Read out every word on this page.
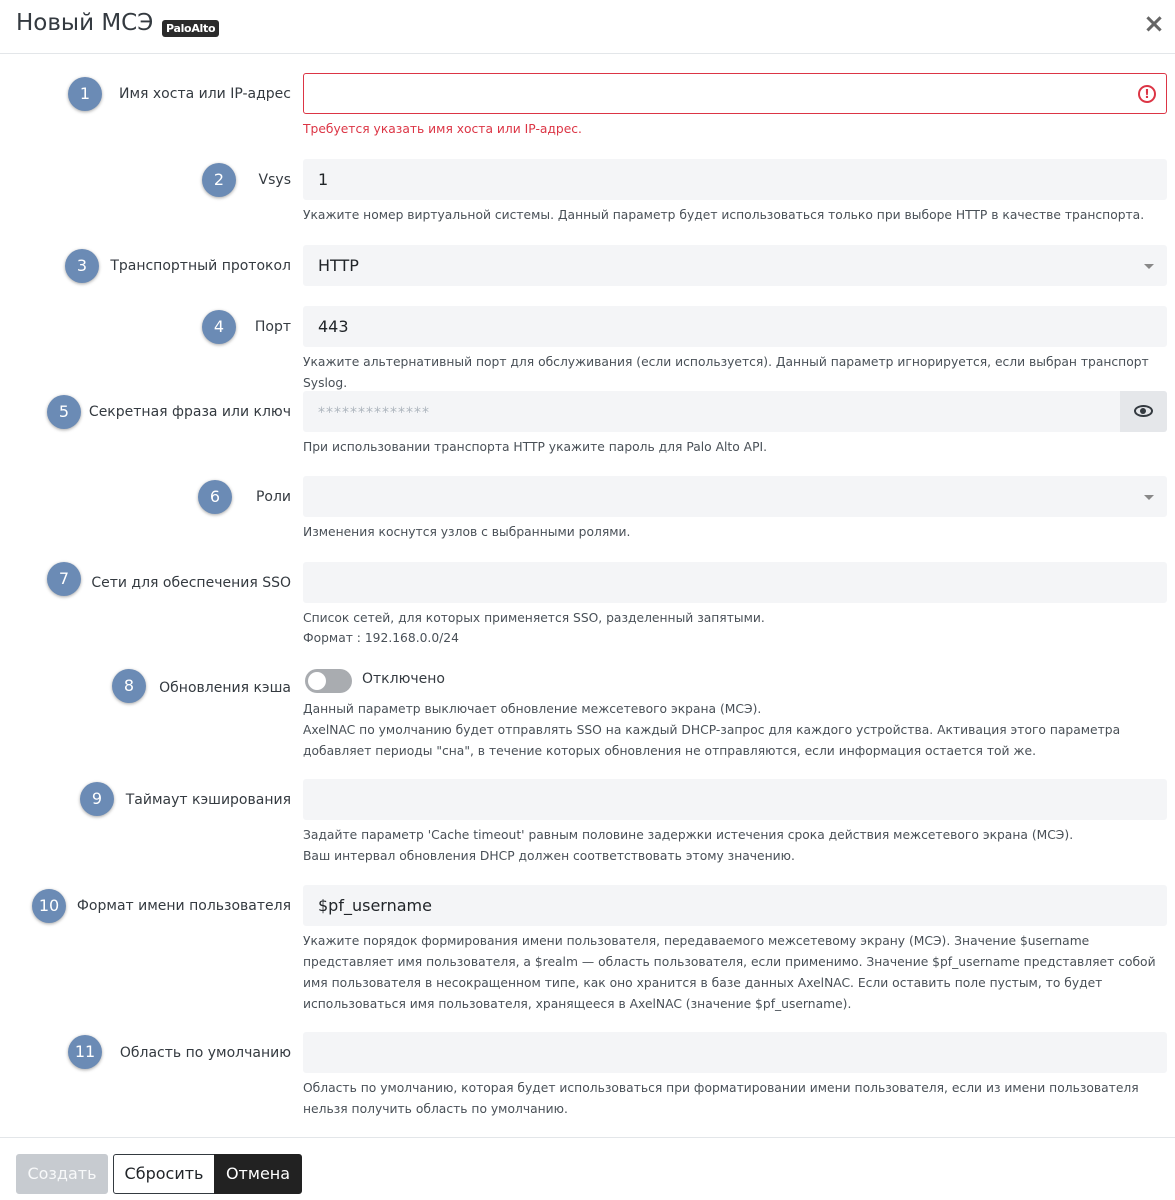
Новый МСЭ	PaloAlto	×
1	Имя хоста или IP-адрес	!
Требуется указать имя хоста или IP-адрес.
2	Vsys	1
Укажите номер виртуальной системы. Данный параметр будет использоваться только при выборе HTTP в качестве транспорта.
3	Транспортный протокол	HTTP
4	Порт	443
Укажите альтернативный порт для обслуживания (если используется). Данный параметр игнорируется, если выбран транспорт Syslog.
5	Секретная фраза или ключ	**************
При использовании транспорта HTTP укажите пароль для Palo Alto API.
6	Роли
Изменения коснутся узлов с выбранными ролями.
7	Сети для обеспечения SSO
Список сетей, для которых применяется SSO, разделенный запятыми.
Формат : 192.168.0.0/24
8	Обновления кэша
Отключено
Данный параметр выключает обновление межсетевого экрана (МСЭ).
AxelNAC по умолчанию будет отправлять SSO на каждый DHCP-запрос для каждого устройства. Активация этого параметра добавляет периоды "сна", в течение которых обновления не отправляются, если информация остается той же.
9	Таймаут кэширования
Задайте параметр 'Cache timeout' равным половине задержки истечения срока действия межсетевого экрана (МСЭ).
Ваш интервал обновления DHCP должен соответствовать этому значению.
10	Формат имени пользователя	$pf_username
Укажите порядок формирования имени пользователя, передаваемого межсетевому экрану (МСЭ). Значение $username представляет имя пользователя, а $realm — область пользователя, если применимо. Значение $pf_username представляет собой имя пользователя в несокращенном типе, как оно хранится в базе данных AxelNAC. Если оставить поле пустым, то будет использоваться имя пользователя, хранящееся в AxelNAC (значение $pf_username).
11	Область по умолчанию
Область по умолчанию, которая будет использоваться при форматировании имени пользователя, если из имени пользователя нельзя получить область по умолчанию.
Создать	Сбросить	Отмена
